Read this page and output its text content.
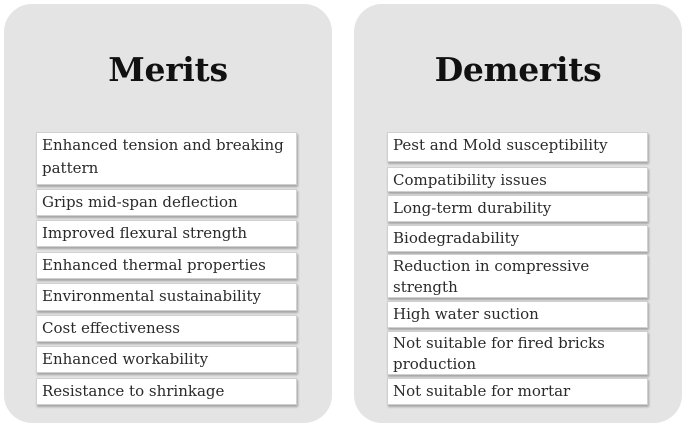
Merits
Enhanced tension and breaking pattern
Grips mid-span deflection
Improved flexural strength
Enhanced thermal properties
Environmental sustainability
Cost effectiveness
Enhanced workability
Resistance to shrinkage
Demerits
Pest and Mold susceptibility
Compatibility issues
Long-term durability
Biodegradability
Reduction in compressive strength
High water suction
Not suitable for fired bricks production
Not suitable for mortar
